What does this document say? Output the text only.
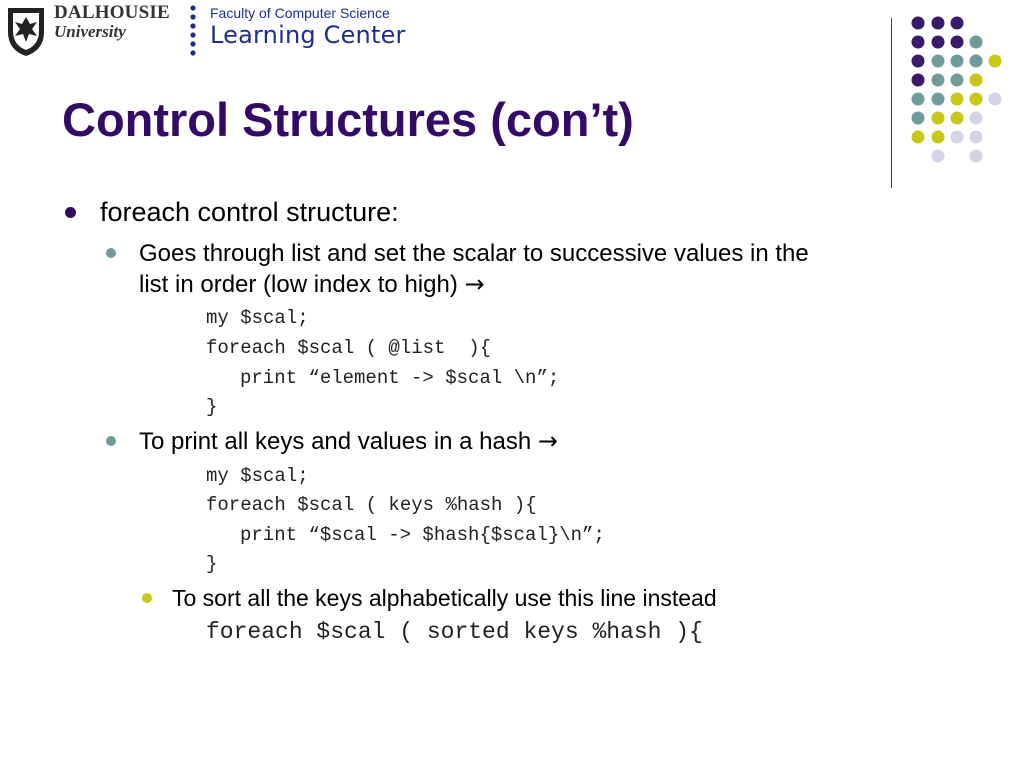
DALHOUSIE
University
Faculty of Computer Science
Learning Center
Control Structures (con’t)
foreach control structure:
Goes through list and set the scalar to successive values in the
list in order (low index to high) →
my $scal;
foreach $scal ( @list  ){
print “element -> $scal \n”;
}
To print all keys and values in a hash →
my $scal;
foreach $scal ( keys %hash ){
print “$scal -> $hash{$scal}\n”;
}
To sort all the keys alphabetically use this line instead
foreach $scal ( sorted keys %hash ){
